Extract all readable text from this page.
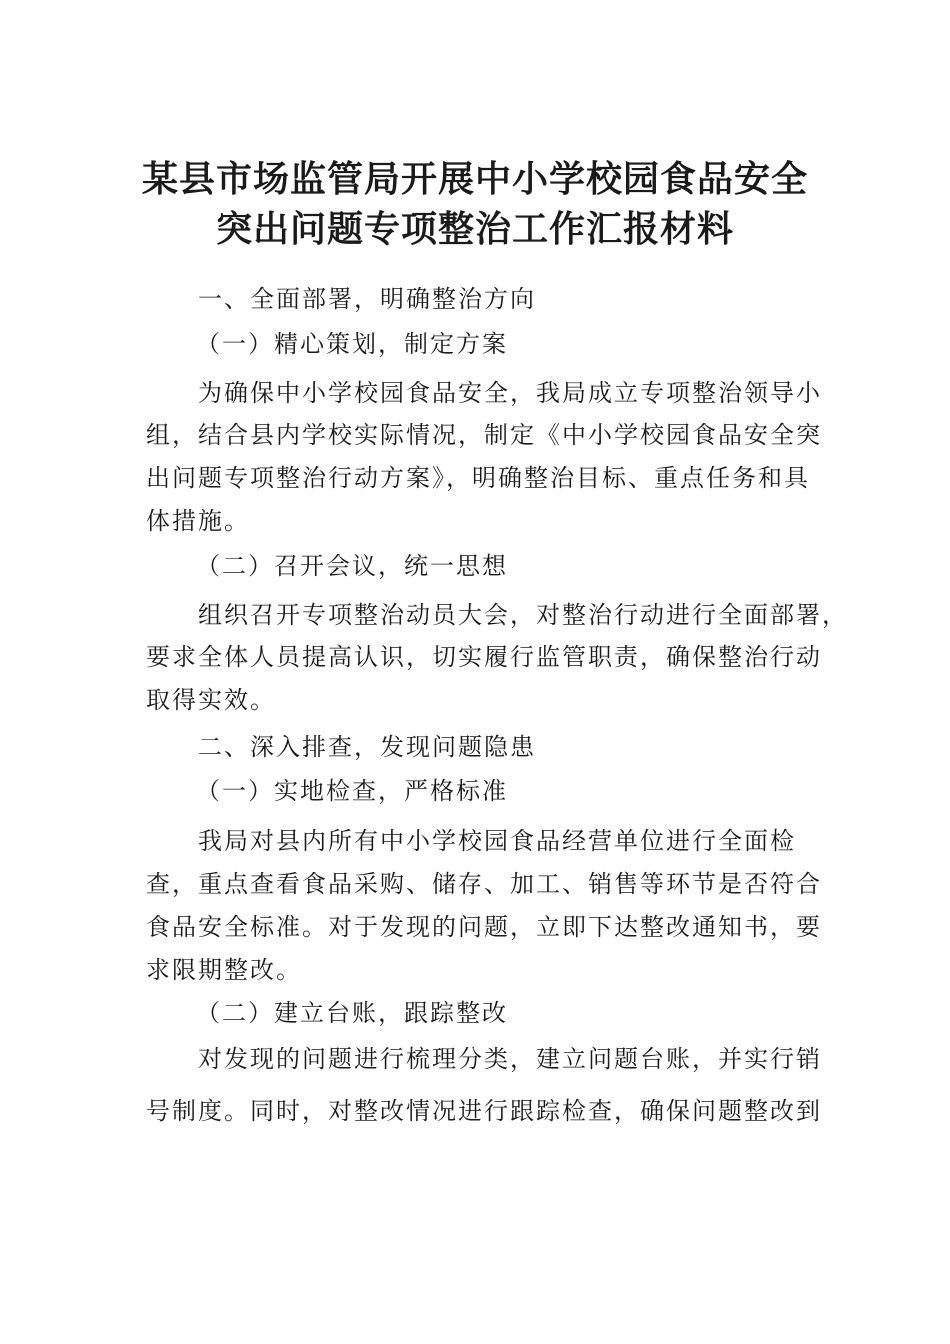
某县市场监管局开展中小学校园食品安全
突出问题专项整治工作汇报材料
一、全面部署，明确整治方向
（一）精心策划，制定方案
为确保中小学校园食品安全，我局成立专项整治领导小
组，结合县内学校实际情况，制定《中小学校园食品安全突
出问题专项整治行动方案》，明确整治目标、重点任务和具
体措施。
（二）召开会议，统一思想
组织召开专项整治动员大会，对整治行动进行全面部署，
要求全体人员提高认识，切实履行监管职责，确保整治行动
取得实效。
二、深入排查，发现问题隐患
（一）实地检查，严格标准
我局对县内所有中小学校园食品经营单位进行全面检
查，重点查看食品采购、储存、加工、销售等环节是否符合
食品安全标准。对于发现的问题，立即下达整改通知书，要
求限期整改。
（二）建立台账，跟踪整改
对发现的问题进行梳理分类，建立问题台账，并实行销
号制度。同时，对整改情况进行跟踪检查，确保问题整改到
